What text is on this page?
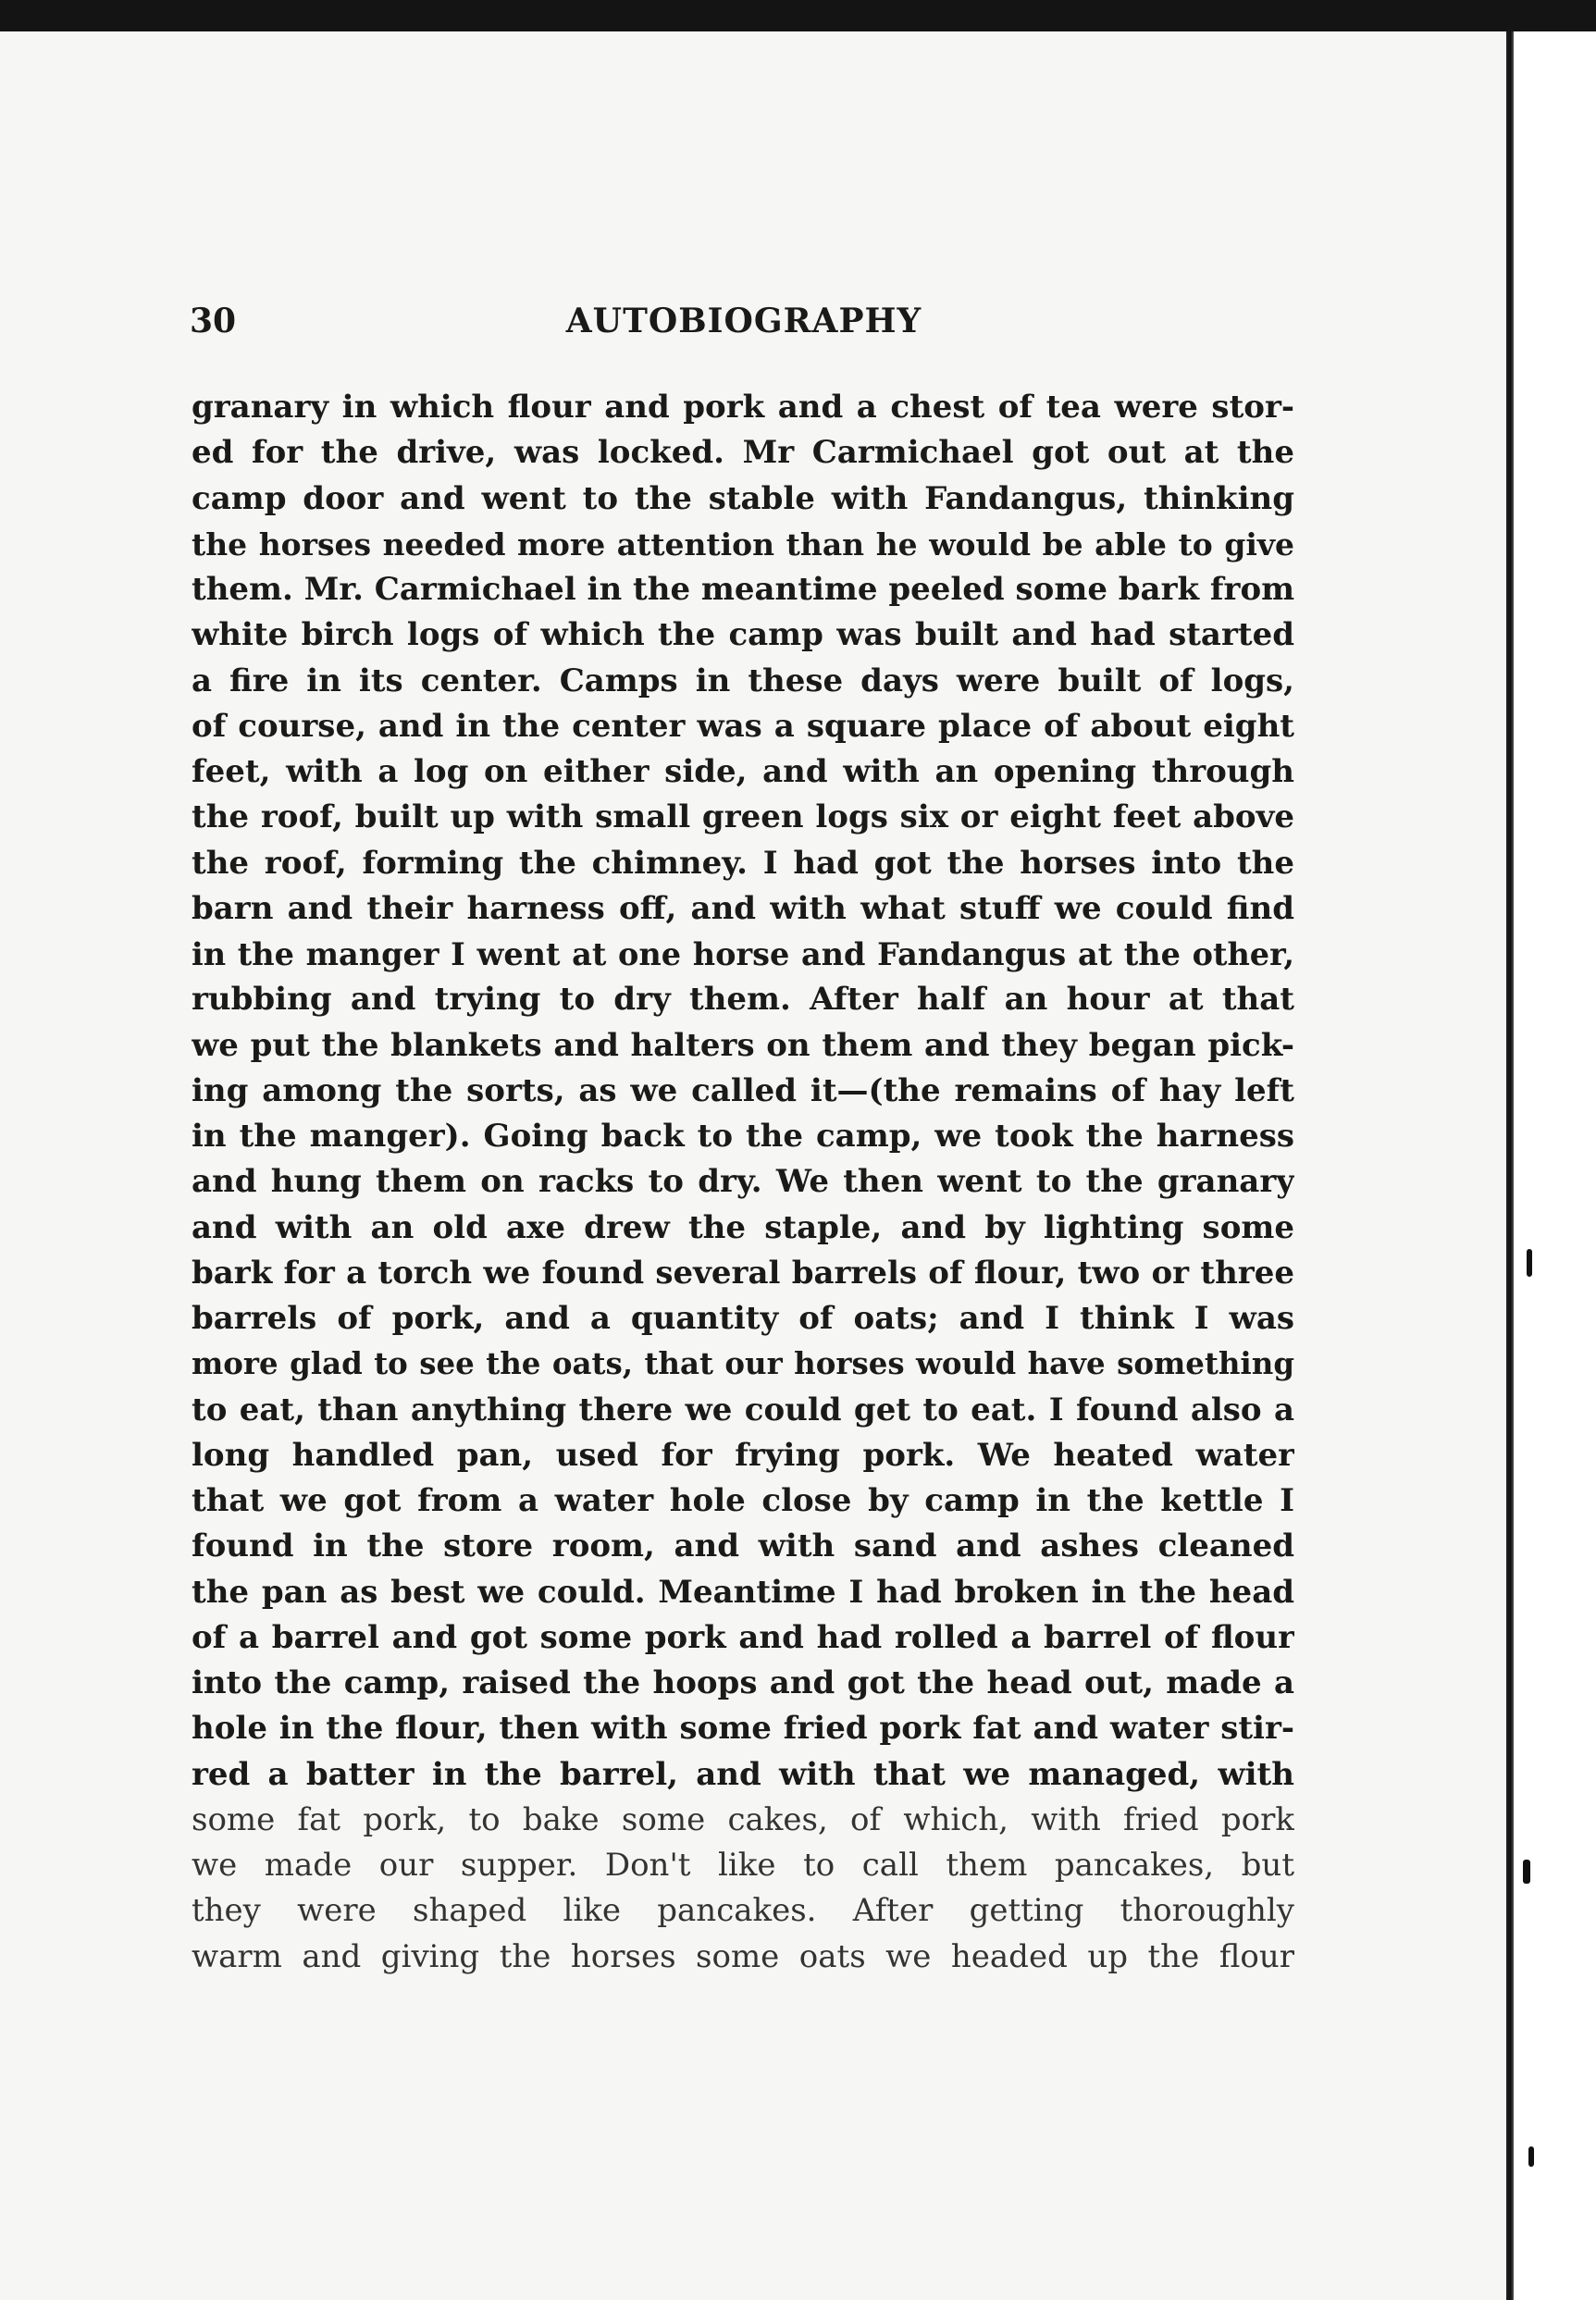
30	AUTOBIOGRAPHY
granary in which flour and pork and a chest of tea were stor-
ed for the drive, was locked. Mr Carmichael got out at the
camp door and went to the stable with Fandangus, thinking
the horses needed more attention than he would be able to give
them. Mr. Carmichael in the meantime peeled some bark from
white birch logs of which the camp was built and had started
a fire in its center. Camps in these days were built of logs,
of course, and in the center was a square place of about eight
feet, with a log on either side, and with an opening through
the roof, built up with small green logs six or eight feet above
the roof, forming the chimney. I had got the horses into the
barn and their harness off, and with what stuff we could find
in the manger I went at one horse and Fandangus at the other,
rubbing and trying to dry them. After half an hour at that
we put the blankets and halters on them and they began pick-
ing among the sorts, as we called it—(the remains of hay left
in the manger). Going back to the camp, we took the harness
and hung them on racks to dry. We then went to the granary
and with an old axe drew the staple, and by lighting some
bark for a torch we found several barrels of flour, two or three
barrels of pork, and a quantity of oats; and I think I was
more glad to see the oats, that our horses would have something
to eat, than anything there we could get to eat. I found also a
long handled pan, used for frying pork. We heated water
that we got from a water hole close by camp in the kettle I
found in the store room, and with sand and ashes cleaned
the pan as best we could. Meantime I had broken in the head
of a barrel and got some pork and had rolled a barrel of flour
into the camp, raised the hoops and got the head out, made a
hole in the flour, then with some fried pork fat and water stir-
red a batter in the barrel, and with that we managed, with
some fat pork, to bake some cakes, of which, with fried pork
we made our supper. Don't like to call them pancakes, but
they were shaped like pancakes. After getting thoroughly
warm and giving the horses some oats we headed up the flour
